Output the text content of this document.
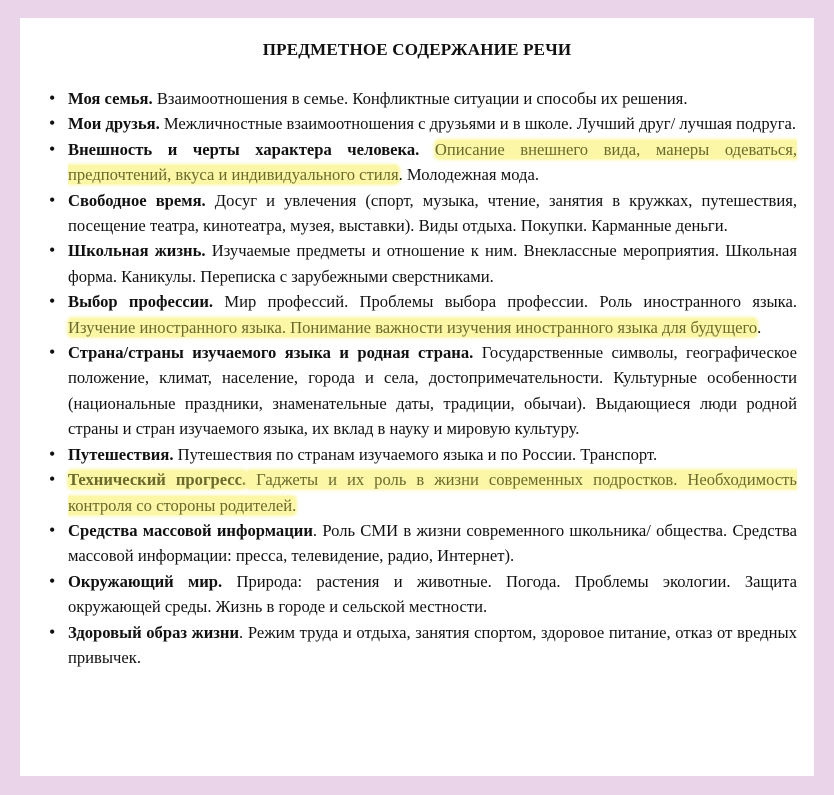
ПРЕДМЕТНОЕ СОДЕРЖАНИЕ РЕЧИ
• Моя семья. Взаимоотношения в семье. Конфликтные ситуации и способы их решения.
• Мои друзья. Межличностные взаимоотношения с друзьями и в школе. Лучший друг/ лучшая подруга.
• Внешность и черты характера человека. Описание внешнего вида, манеры одеваться, предпочтений, вкуса и индивидуального стиля. Молодежная мода.
• Свободное время. Досуг и увлечения (спорт, музыка, чтение, занятия в кружках, путешествия, посещение театра, кинотеатра, музея, выставки). Виды отдыха. Покупки. Карманные деньги.
• Школьная жизнь. Изучаемые предметы и отношение к ним. Внеклассные мероприятия. Школьная форма. Каникулы. Переписка с зарубежными сверстниками.
• Выбор профессии. Мир профессий. Проблемы выбора профессии. Роль иностранного языка. Изучение иностранного языка. Понимание важности изучения иностранного языка для будущего.
• Страна/страны изучаемого языка и родная страна. Государственные символы, географическое положение, климат, население, города и села, достопримечательности. Культурные особенности (национальные праздники, знаменательные даты, традиции, обычаи). Выдающиеся люди родной страны и стран изучаемого языка, их вклад в науку и мировую культуру.
• Путешествия. Путешествия по странам изучаемого языка и по России. Транспорт.
• Технический прогресс. Гаджеты и их роль в жизни современных подростков. Необходимость контроля со стороны родителей.
• Средства массовой информации. Роль СМИ в жизни современного школьника/ общества. Средства массовой информации: пресса, телевидение, радио, Интернет).
• Окружающий мир. Природа: растения и животные. Погода. Проблемы экологии. Защита окружающей среды. Жизнь в городе и сельской местности.
• Здоровый образ жизни. Режим труда и отдыха, занятия спортом, здоровое питание, отказ от вредных привычек.
